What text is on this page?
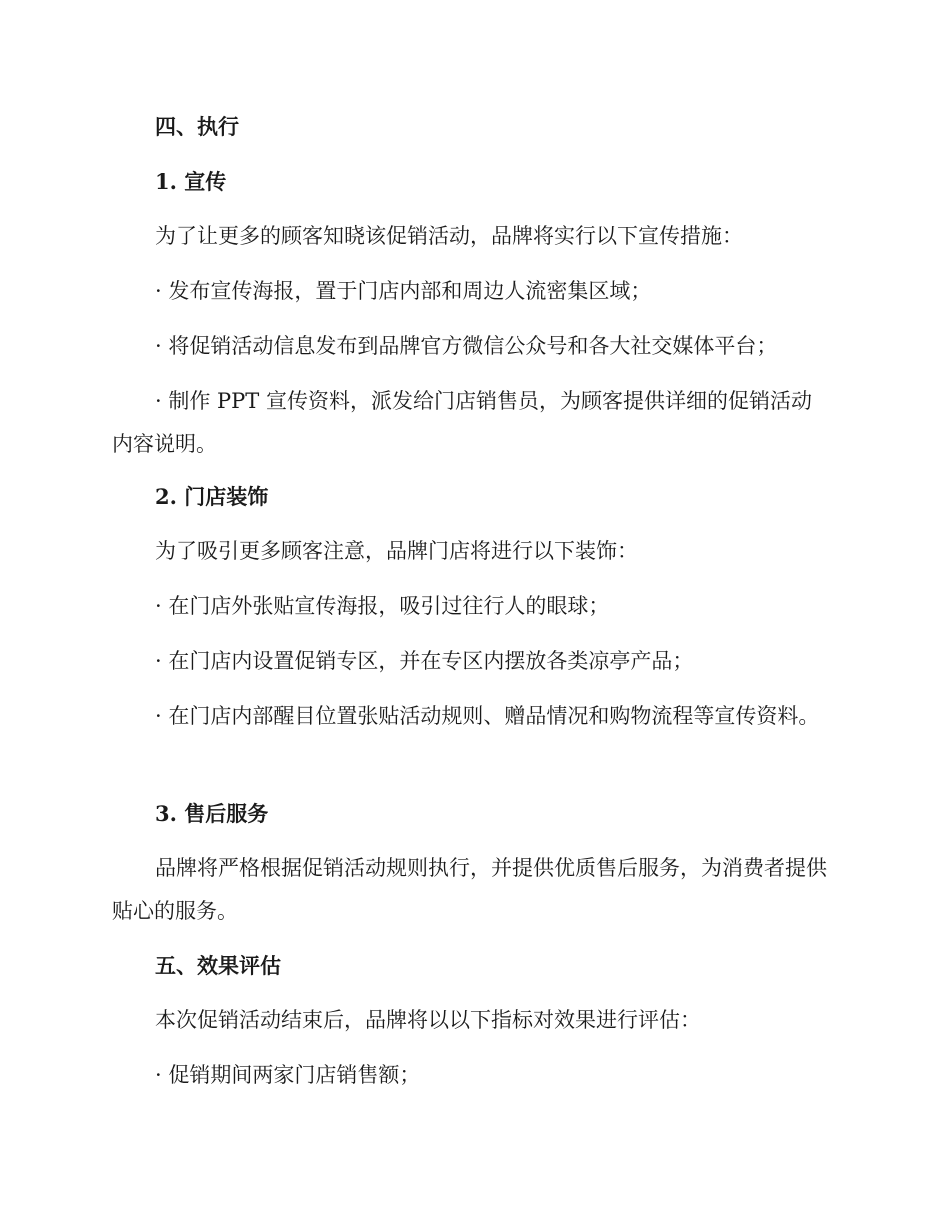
四、执行

1. 宣传

为了让更多的顾客知晓该促销活动，品牌将实行以下宣传措施：

· 发布宣传海报，置于门店内部和周边人流密集区域；

· 将促销活动信息发布到品牌官方微信公众号和各大社交媒体平台；

· 制作 PPT 宣传资料，派发给门店销售员，为顾客提供详细的促销活动内容说明。

2. 门店装饰

为了吸引更多顾客注意，品牌门店将进行以下装饰：

· 在门店外张贴宣传海报，吸引过往行人的眼球；

· 在门店内设置促销专区，并在专区内摆放各类凉亭产品；

· 在门店内部醒目位置张贴活动规则、赠品情况和购物流程等宣传资料。

3. 售后服务

品牌将严格根据促销活动规则执行，并提供优质售后服务，为消费者提供贴心的服务。

五、效果评估

本次促销活动结束后，品牌将以以下指标对效果进行评估：

· 促销期间两家门店销售额；
